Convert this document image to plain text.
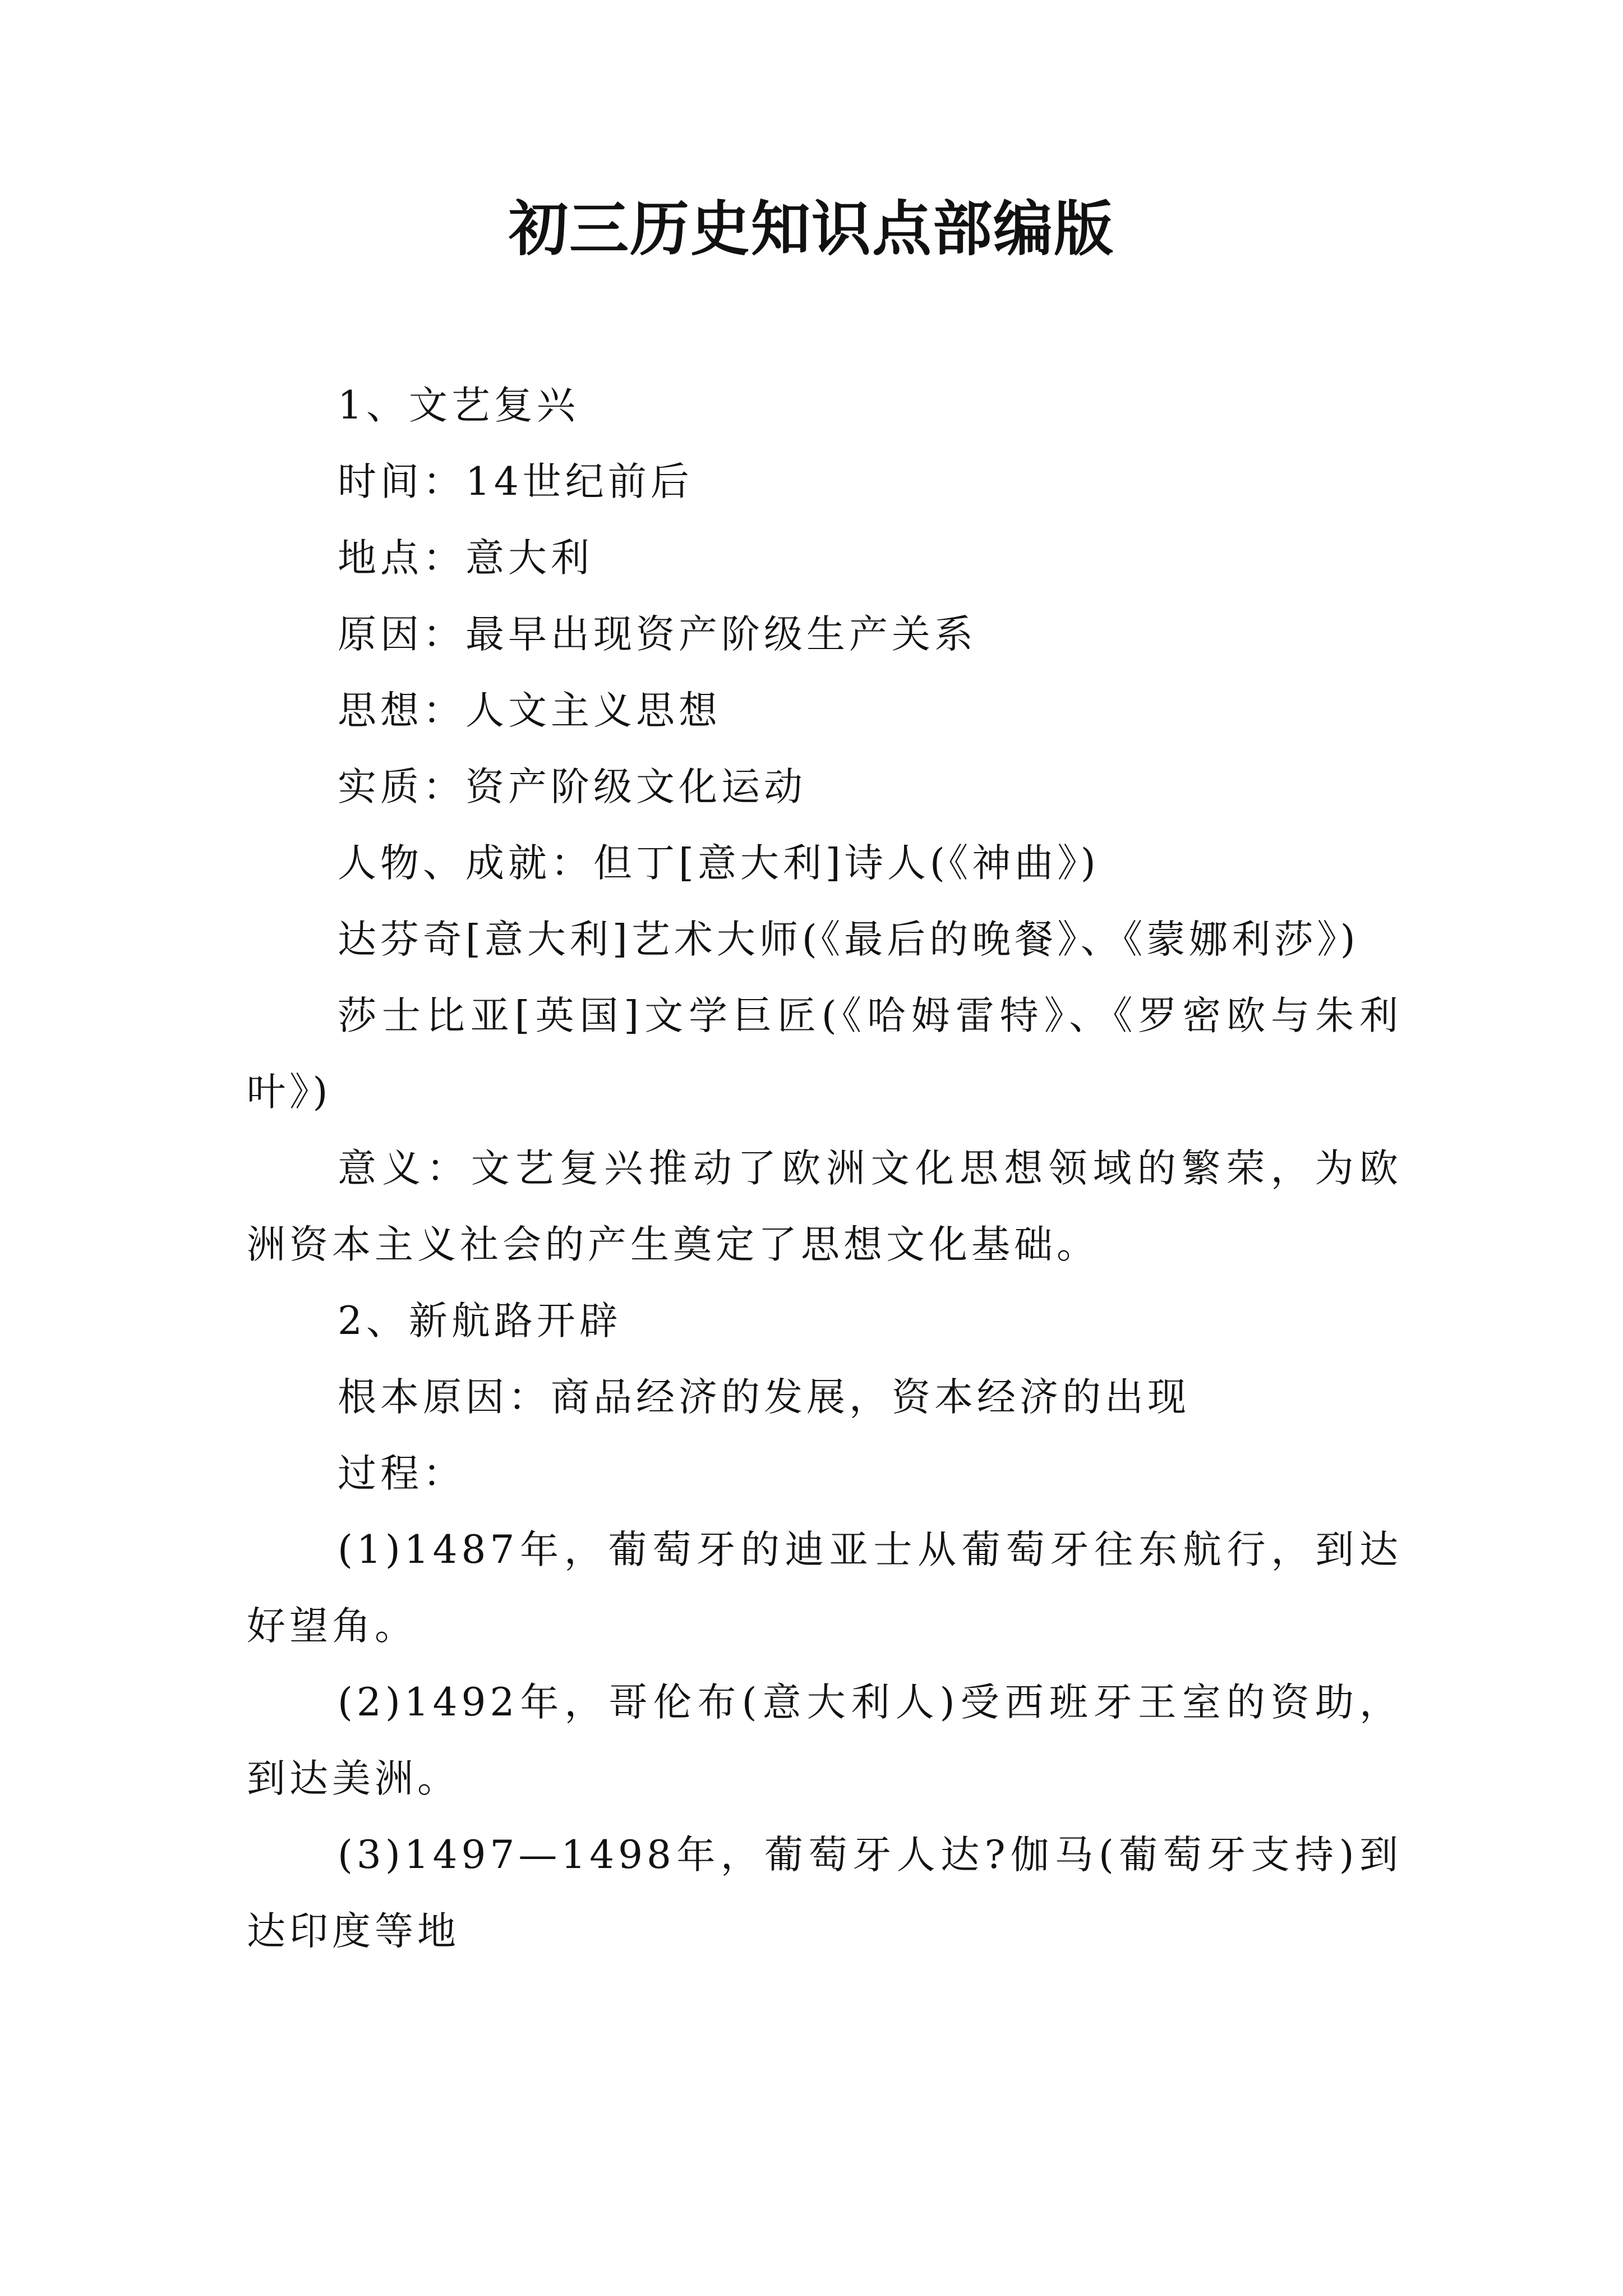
初三历史知识点部编版

1、文艺复兴

时间：14世纪前后

地点：意大利

原因：最早出现资产阶级生产关系

思想：人文主义思想

实质：资产阶级文化运动

人物、成就：但丁[意大利]诗人(《神曲》)

达芬奇[意大利]艺术大师(《最后的晚餐》、《蒙娜利莎》)

莎士比亚[英国]文学巨匠(《哈姆雷特》、《罗密欧与朱利叶》)

意义：文艺复兴推动了欧洲文化思想领域的繁荣，为欧洲资本主义社会的产生奠定了思想文化基础。

2、新航路开辟

根本原因：商品经济的发展，资本经济的出现

过程：

(1)1487年，葡萄牙的迪亚士从葡萄牙往东航行，到达好望角。

(2)1492年，哥伦布(意大利人)受西班牙王室的资助，到达美洲。

(3)1497—1498年，葡萄牙人达?伽马(葡萄牙支持)到达印度等地
